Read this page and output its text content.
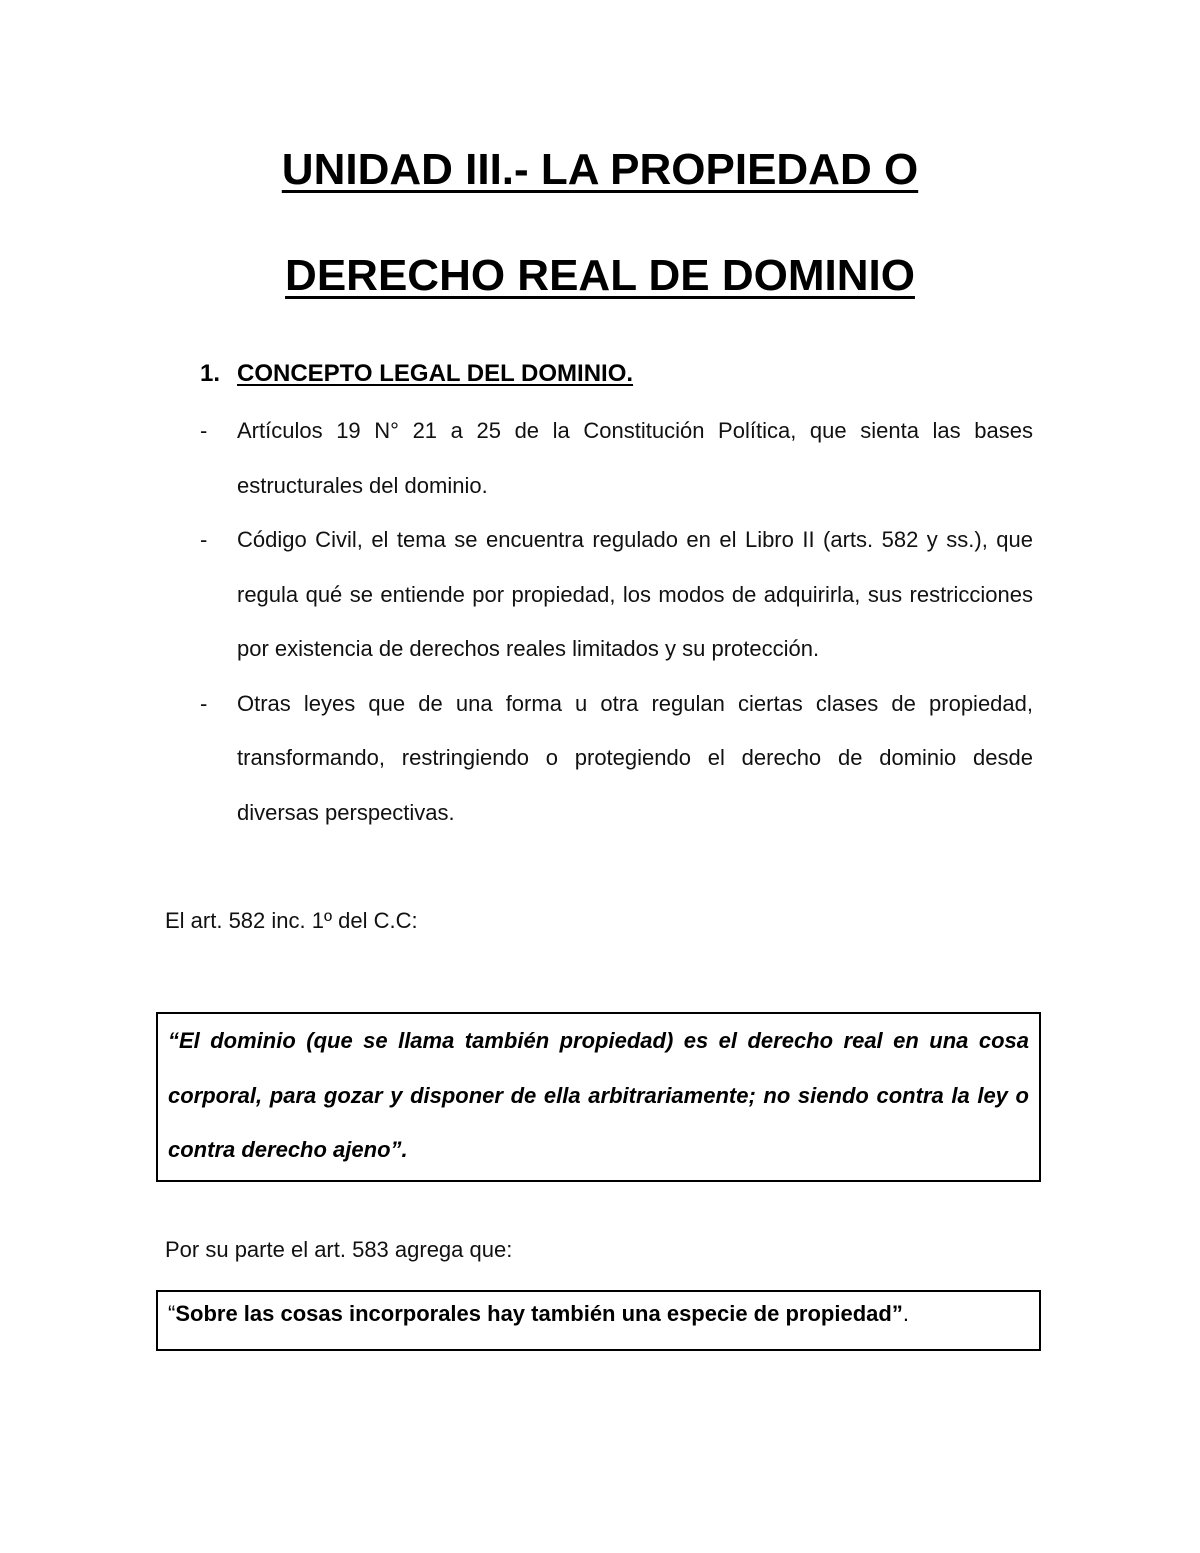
UNIDAD III.- LA PROPIEDAD O
DERECHO REAL DE DOMINIO
1. CONCEPTO LEGAL DEL DOMINIO.
- Artículos 19 N° 21 a 25 de la Constitución Política, que sienta las bases estructurales del dominio.
- Código Civil, el tema se encuentra regulado en el Libro II (arts. 582 y ss.), que regula qué se entiende por propiedad, los modos de adquirirla, sus restricciones por existencia de derechos reales limitados y su protección.
- Otras leyes que de una forma u otra regulan ciertas clases de propiedad, transformando, restringiendo o protegiendo el derecho de dominio desde diversas perspectivas.

El art. 582 inc. 1º del C.C:

“El dominio (que se llama también propiedad) es el derecho real en una cosa corporal, para gozar y disponer de ella arbitrariamente; no siendo contra la ley o contra derecho ajeno”.

Por su parte el art. 583 agrega que:

“Sobre las cosas incorporales hay también una especie de propiedad”.
